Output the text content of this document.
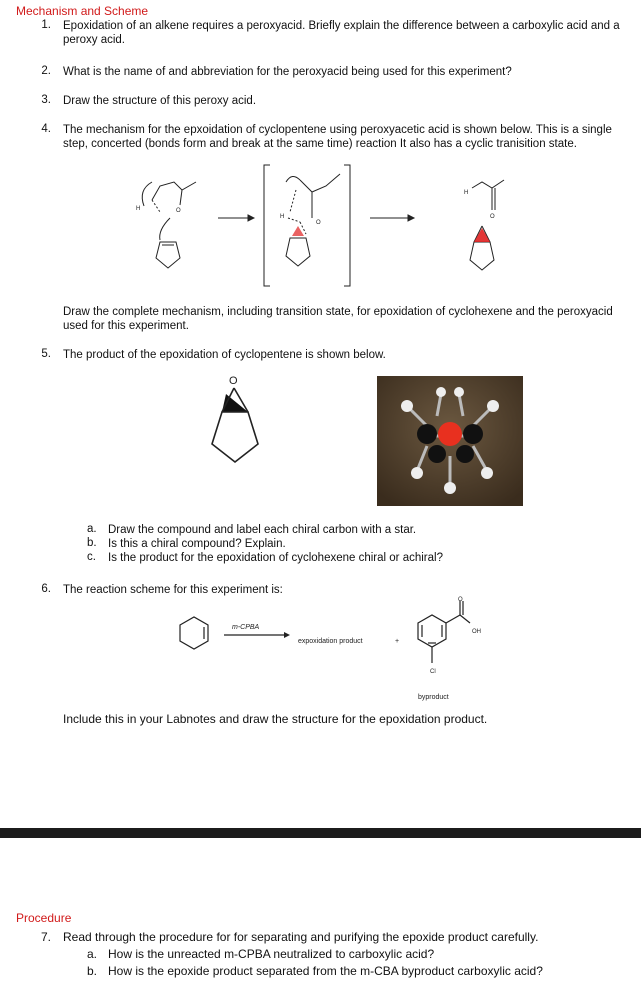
Mechanism and Scheme
1. Epoxidation of an alkene requires a peroxyacid. Briefly explain the difference between a carboxylic acid and a peroxy acid.
2. What is the name of and abbreviation for the peroxyacid being used for this experiment?
3. Draw the structure of this peroxy acid.
4. The mechanism for the epxoidation of cyclopentene using peroxyacetic acid is shown below. This is a single step, concerted (bonds form and break at the same time) reaction It also has a cyclic tranisition state.
H	O
H
O
H
O
Draw the complete mechanism, including transition state, for epoxidation of cyclohexene and the peroxyacid used for this experiment.
5. The product of the epoxidation of cyclopentene is shown below.
O
a. Draw the compound and label each chiral carbon with a star.
b. Is this a chiral compound? Explain.
c. Is the product for the epoxidation of cyclohexene chiral or achiral?
6. The reaction scheme for this experiment is:
m-CPBA
expoxidation product	+
O
OH
Cl
byproduct
Include this in your Labnotes and draw the structure for the epoxidation product.
Procedure
7. Read through the procedure for for separating and purifying the epoxide product carefully.
a. How is the unreacted m-CPBA neutralized to carboxylic acid?
b. How is the epoxide product separated from the m-CBA byproduct carboxylic acid?
